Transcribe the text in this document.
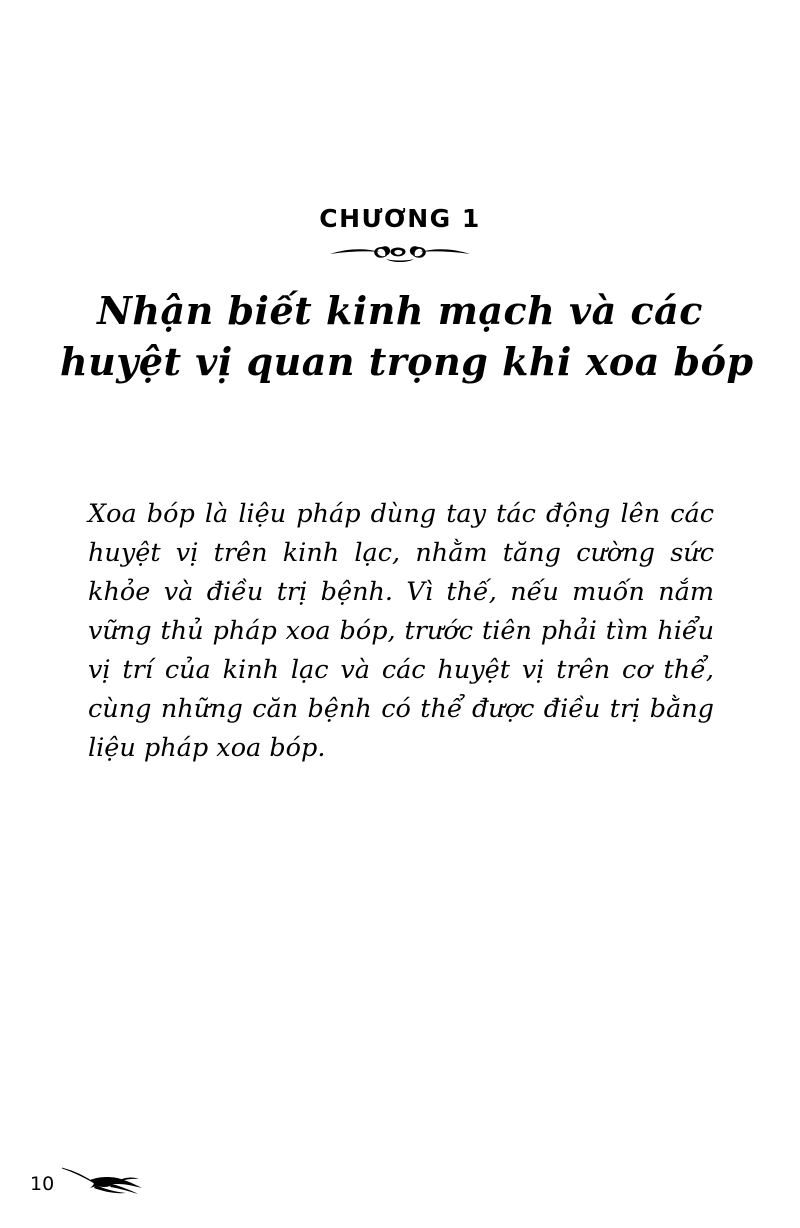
CHƯƠNG 1
Nhận biết kinh mạch và các
huyệt vị quan trọng khi xoa bóp

Xoa bóp là liệu pháp dùng tay tác động lên các huyệt vị trên kinh lạc, nhằm tăng cường sức khỏe và điều trị bệnh. Vì thế, nếu muốn nắm vững thủ pháp xoa bóp, trước tiên phải tìm hiểu vị trí của kinh lạc và các huyệt vị trên cơ thể, cùng những căn bệnh có thể được điều trị bằng liệu pháp xoa bóp.

10
